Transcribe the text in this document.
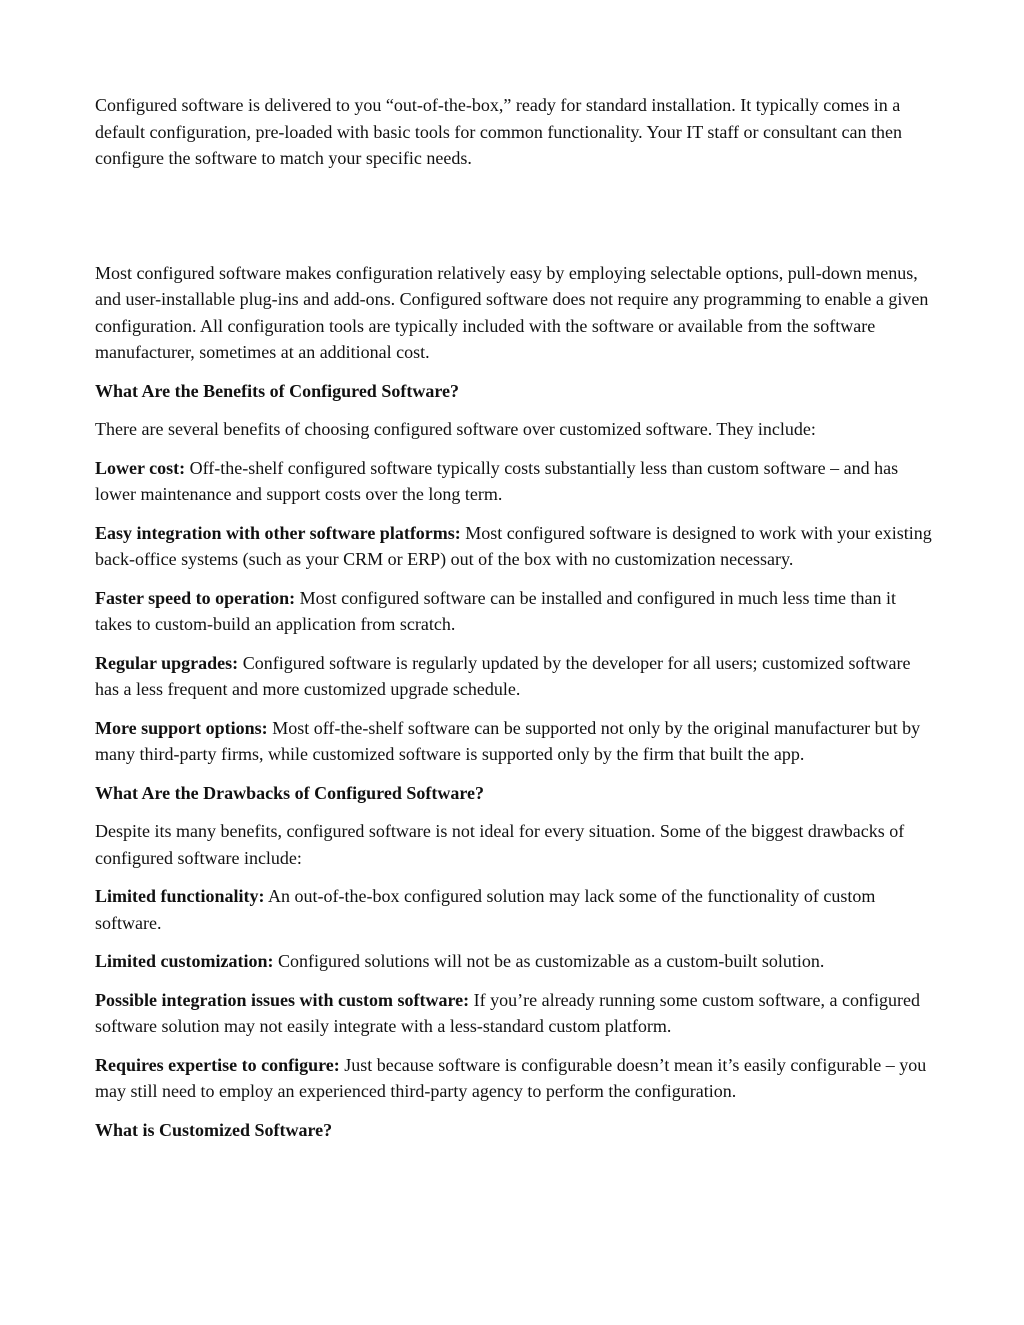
Configured software is delivered to you “out-of-the-box,” ready for standard installation. It typically comes in a default configuration, pre-loaded with basic tools for common functionality. Your IT staff or consultant can then configure the software to match your specific needs.

Most configured software makes configuration relatively easy by employing selectable options, pull-down menus, and user-installable plug-ins and add-ons. Configured software does not require any programming to enable a given configuration. All configuration tools are typically included with the software or available from the software manufacturer, sometimes at an additional cost.

What Are the Benefits of Configured Software?

There are several benefits of choosing configured software over customized software. They include:

Lower cost: Off-the-shelf configured software typically costs substantially less than custom software – and has lower maintenance and support costs over the long term.

Easy integration with other software platforms: Most configured software is designed to work with your existing back-office systems (such as your CRM or ERP) out of the box with no customization necessary.

Faster speed to operation: Most configured software can be installed and configured in much less time than it takes to custom-build an application from scratch.

Regular upgrades: Configured software is regularly updated by the developer for all users; customized software has a less frequent and more customized upgrade schedule.

More support options: Most off-the-shelf software can be supported not only by the original manufacturer but by many third-party firms, while customized software is supported only by the firm that built the app.

What Are the Drawbacks of Configured Software?

Despite its many benefits, configured software is not ideal for every situation. Some of the biggest drawbacks of configured software include:

Limited functionality: An out-of-the-box configured solution may lack some of the functionality of custom software.

Limited customization: Configured solutions will not be as customizable as a custom-built solution.

Possible integration issues with custom software: If you’re already running some custom software, a configured software solution may not easily integrate with a less-standard custom platform.

Requires expertise to configure: Just because software is configurable doesn’t mean it’s easily configurable – you may still need to employ an experienced third-party agency to perform the configuration.

What is Customized Software?
